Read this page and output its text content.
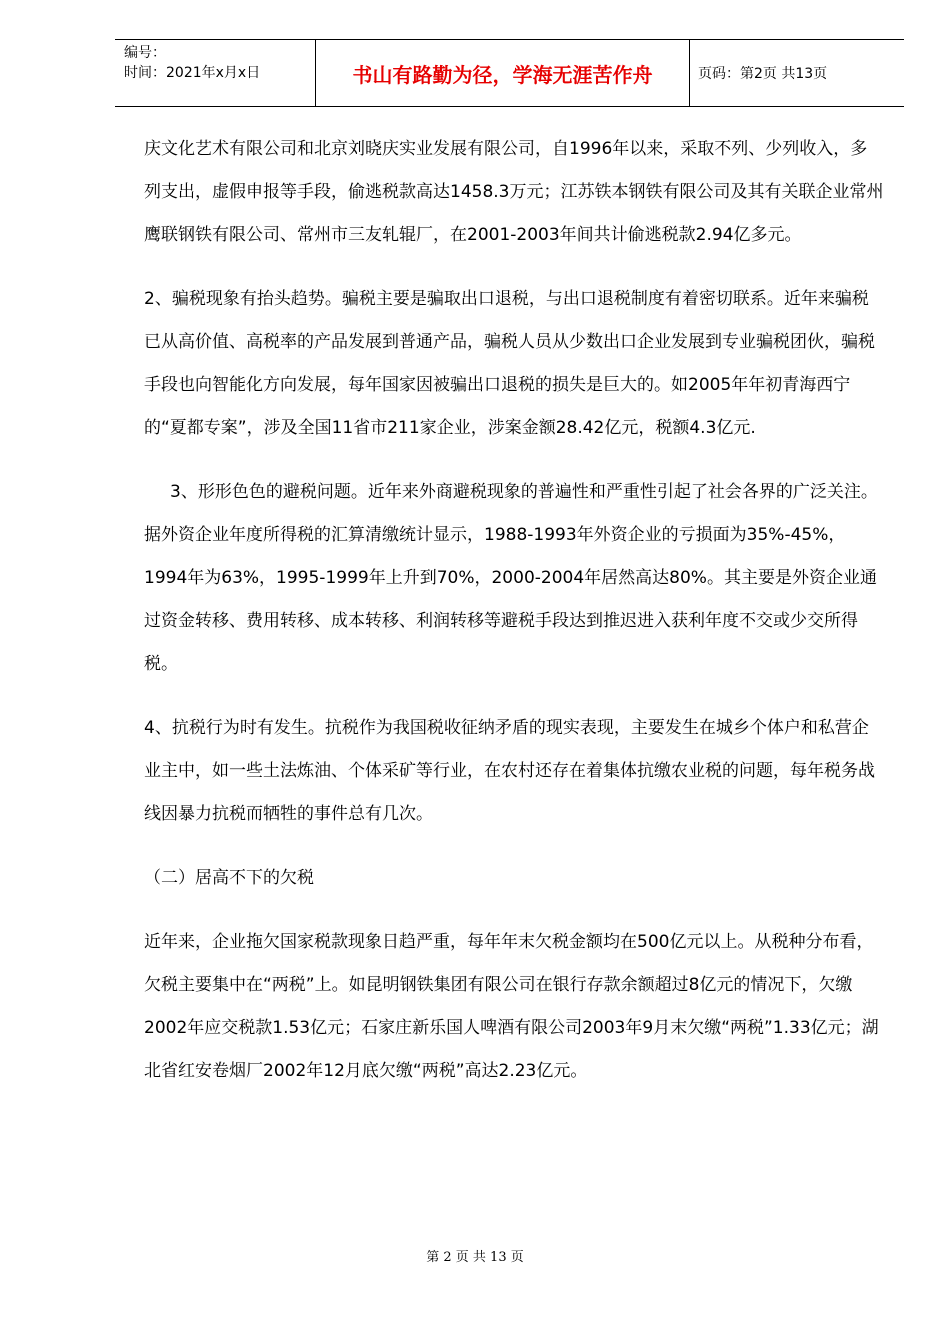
编号：
时间：2021年x月x日	书山有路勤为径，学海无涯苦作舟	页码：第2页 共13页

庆文化艺术有限公司和北京刘晓庆实业发展有限公司，自1996年以来，采取不列、少列收入，多列支出，虚假申报等手段，偷逃税款高达1458.3万元；江苏铁本钢铁有限公司及其有关联企业常州鹰联钢铁有限公司、常州市三友轧辊厂，在2001-2003年间共计偷逃税款2.94亿多元。

2、骗税现象有抬头趋势。骗税主要是骗取出口退税，与出口退税制度有着密切联系。近年来骗税已从高价值、高税率的产品发展到普通产品，骗税人员从少数出口企业发展到专业骗税团伙，骗税手段也向智能化方向发展，每年国家因被骗出口退税的损失是巨大的。如2005年年初青海西宁的“夏都专案”，涉及全国11省市211家企业，涉案金额28.42亿元，税额4.3亿元.

3、形形色色的避税问题。近年来外商避税现象的普遍性和严重性引起了社会各界的广泛关注。据外资企业年度所得税的汇算清缴统计显示，1988-1993年外资企业的亏损面为35%-45%，1994年为63%，1995-1999年上升到70%，2000-2004年居然高达80%。其主要是外资企业通过资金转移、费用转移、成本转移、利润转移等避税手段达到推迟进入获利年度不交或少交所得税。

4、抗税行为时有发生。抗税作为我国税收征纳矛盾的现实表现，主要发生在城乡个体户和私营企业主中，如一些土法炼油、个体采矿等行业，在农村还存在着集体抗缴农业税的问题，每年税务战线因暴力抗税而牺牲的事件总有几次。

（二）居高不下的欠税

近年来，企业拖欠国家税款现象日趋严重，每年年末欠税金额均在500亿元以上。从税种分布看，欠税主要集中在“两税”上。如昆明钢铁集团有限公司在银行存款余额超过8亿元的情况下，欠缴2002年应交税款1.53亿元；石家庄新乐国人啤酒有限公司2003年9月末欠缴“两税”1.33亿元；湖北省红安卷烟厂2002年12月底欠缴“两税”高达2.23亿元。

第 2 页 共 13 页
